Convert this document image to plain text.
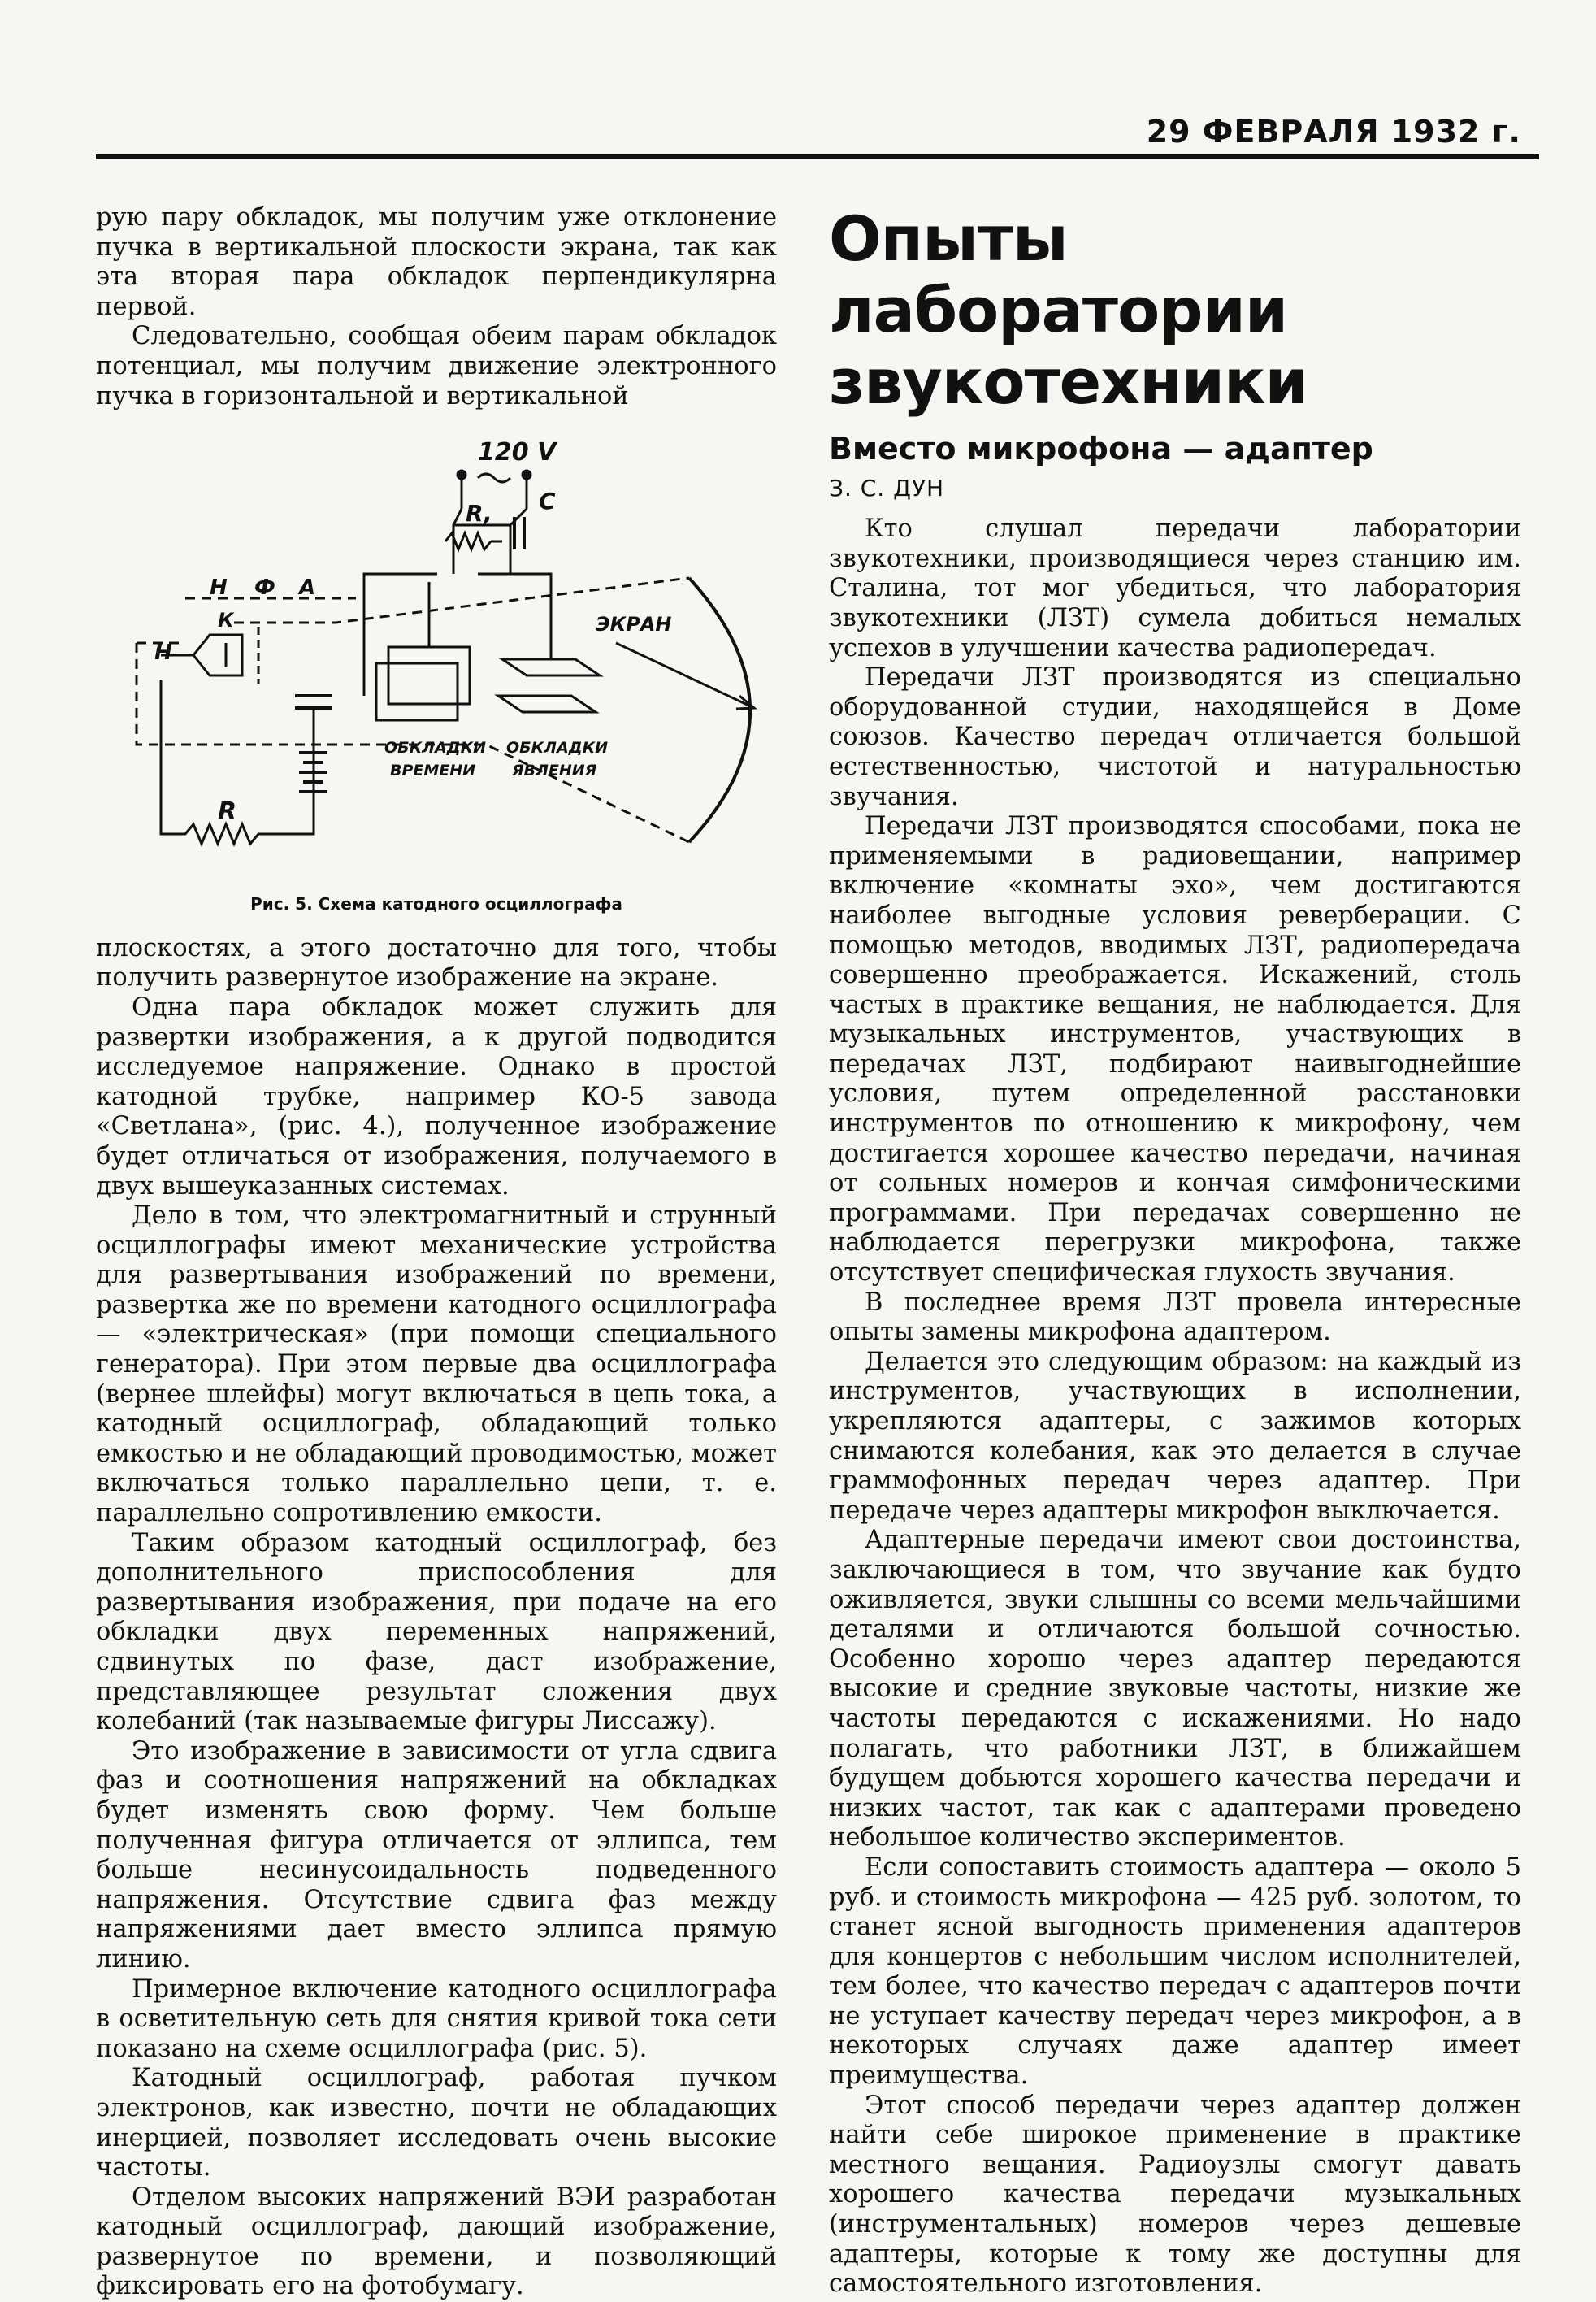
29 ФЕВРАЛЯ 1932 г.

рую пару обкладок, мы получим уже отклонение пучка в вертикальной плоскости экрана, так как эта вторая пара обкладок перпендикулярна первой.

Следовательно, сообщая обеим парам обкладок потенциал, мы получим движение электронного пучка в горизонтальной и вертикальной

120 V
R, C
ЭКРАН
Н Ф А
Н
К
R
ОБКЛАДКИ
ВРЕМЕНИ
ОБКЛАДКИ
ЯВЛЕНИЯ
Рис. 5. Схема катодного осциллографа

плоскостях, а этого достаточно для того, чтобы получить развернутое изображение на экране.

Одна пара обкладок может служить для развертки изображения, а к другой подводится исследуемое напряжение. Однако в простой катодной трубке, например КО-5 завода «Светлана», (рис. 4.), полученное изображение будет отличаться от изображения, получаемого в двух вышеуказанных системах.

Дело в том, что электромагнитный и струнный осциллографы имеют механические устройства для развертывания изображений по времени, развертка же по времени катодного осциллографа — «электрическая» (при помощи специального генератора). При этом первые два осциллографа (вернее шлейфы) могут включаться в цепь тока, а катодный осциллограф, обладающий только емкостью и не обладающий проводимостью, может включаться только параллельно цепи, т. е. параллельно сопротивлению емкости.

Таким образом катодный осциллограф, без дополнительного приспособления для развертывания изображения, при подаче на его обкладки двух переменных напряжений, сдвинутых по фазе, даст изображение, представляющее результат сложения двух колебаний (так называемые фигуры Лиссажу).

Это изображение в зависимости от угла сдвига фаз и соотношения напряжений на обкладках будет изменять свою форму. Чем больше полученная фигура отличается от эллипса, тем больше несинусоидальность подведенного напряжения. Отсутствие сдвига фаз между напряжениями дает вместо эллипса прямую линию.

Примерное включение катодного осциллографа в осветительную сеть для снятия кривой тока сети показано на схеме осциллографа (рис. 5).

Катодный осциллограф, работая пучком электронов, как известно, почти не обладающих инерцией, позволяет исследовать очень высокие частоты.

Отделом высоких напряжений ВЭИ разработан катодный осциллограф, дающий изображение, развернутое по времени, и позволяющий фиксировать его на фотобумагу.

Опыты лаборатории звукотехники
Вместо микрофона — адаптер
З. С. ДУН

Кто слушал передачи лаборатории звукотехники, производящиеся через станцию им. Сталина, тот мог убедиться, что лаборатория звукотехники (ЛЗТ) сумела добиться немалых успехов в улучшении качества радиопередач.

Передачи ЛЗТ производятся из специально оборудованной студии, находящейся в Доме союзов. Качество передач отличается большой естественностью, чистотой и натуральностью звучания.

Передачи ЛЗТ производятся способами, пока не применяемыми в радиовещании, например включение «комнаты эхо», чем достигаются наиболее выгодные условия реверберации. С помощью методов, вводимых ЛЗТ, радиопередача совершенно преображается. Искажений, столь частых в практике вещания, не наблюдается. Для музыкальных инструментов, участвующих в передачах ЛЗТ, подбирают наивыгоднейшие условия, путем определенной расстановки инструментов по отношению к микрофону, чем достигается хорошее качество передачи, начиная от сольных номеров и кончая симфоническими программами. При передачах совершенно не наблюдается перегрузки микрофона, также отсутствует специфическая глухость звучания.

В последнее время ЛЗТ провела интересные опыты замены микрофона адаптером.

Делается это следующим образом: на каждый из инструментов, участвующих в исполнении, укрепляются адаптеры, с зажимов которых снимаются колебания, как это делается в случае граммофонных передач через адаптер. При передаче через адаптеры микрофон выключается.

Адаптерные передачи имеют свои достоинства, заключающиеся в том, что звучание как будто оживляется, звуки слышны со всеми мельчайшими деталями и отличаются большой сочностью. Особенно хорошо через адаптер передаются высокие и средние звуковые частоты, низкие же частоты передаются с искажениями. Но надо полагать, что работники ЛЗТ, в ближайшем будущем добьются хорошего качества передачи и низких частот, так как с адаптерами проведено небольшое количество экспериментов.

Если сопоставить стоимость адаптера — около 5 руб. и стоимость микрофона — 425 руб. золотом, то станет ясной выгодность применения адаптеров для концертов с небольшим числом исполнителей, тем более, что качество передач с адаптеров почти не уступает качеству передач через микрофон, а в некоторых случаях даже адаптер имеет преимущества.

Этот способ передачи через адаптер должен найти себе широкое применение в практике местного вещания. Радиоузлы смогут давать хорошего качества передачи музыкальных (инструментальных) номеров через дешевые адаптеры, которые к тому же доступны для самостоятельного изготовления.
